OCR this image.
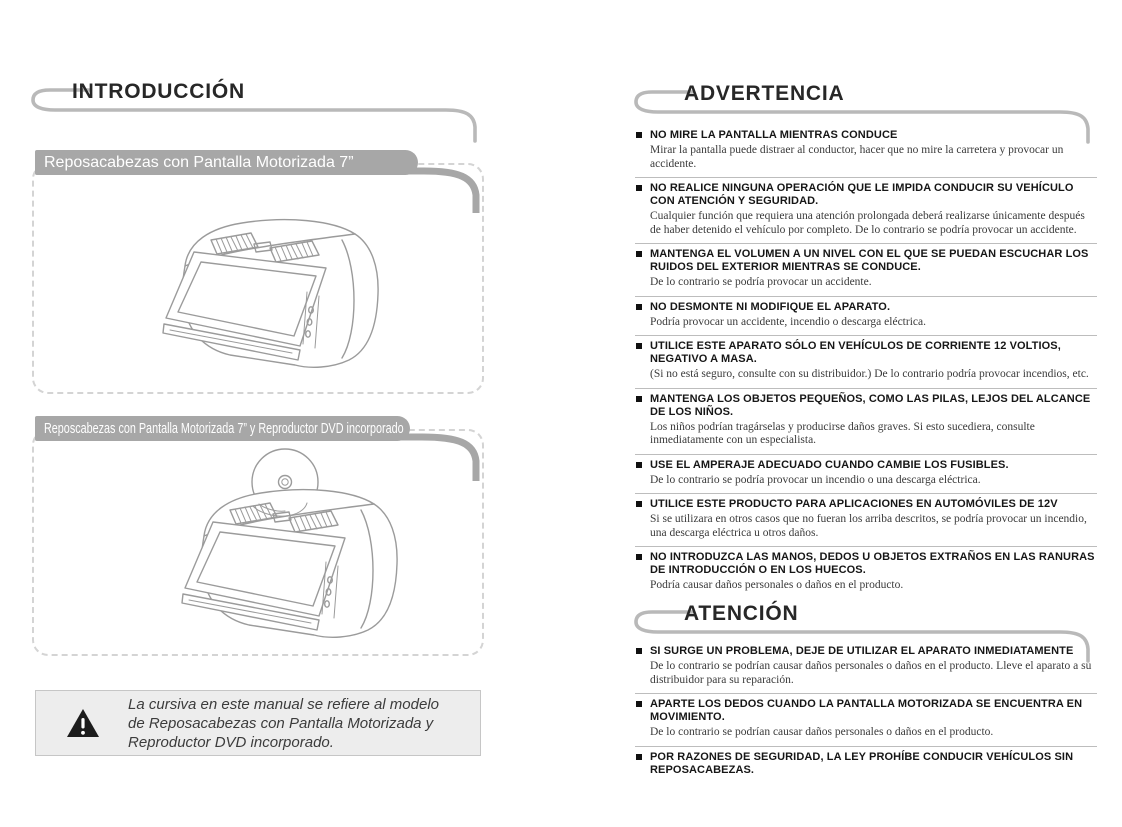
INTRODUCCIÓN
Reposacabezas con Pantalla Motorizada 7”
Reposcabezas con Pantalla Motorizada 7” y Reproductor DVD incorporado
La cursiva en este manual se refiere al modelo de Reposacabezas con Pantalla Motorizada y Reproductor DVD incorporado.
ADVERTENCIA
NO MIRE LA PANTALLA MIENTRAS CONDUCE
Mirar la pantalla puede distraer al conductor, hacer que no mire la carretera y provocar un accidente.
NO REALICE NINGUNA OPERACIÓN QUE LE IMPIDA CONDUCIR SU VEHÍCULO CON ATENCIÓN Y SEGURIDAD.
Cualquier función que requiera una atención prolongada deberá realizarse únicamente después de haber detenido el vehículo por completo. De lo contrario se podría provocar un accidente.
MANTENGA EL VOLUMEN A UN NIVEL CON EL QUE SE PUEDAN ESCUCHAR LOS RUIDOS DEL EXTERIOR MIENTRAS SE CONDUCE.
De lo contrario se podría provocar un accidente.
NO DESMONTE NI MODIFIQUE EL APARATO.
Podría provocar un accidente, incendio o descarga eléctrica.
UTILICE ESTE APARATO SÓLO EN VEHÍCULOS DE CORRIENTE 12 VOLTIOS, NEGATIVO A MASA.
(Si no está seguro, consulte con su distribuidor.) De lo contrario podría provocar incendios, etc.
MANTENGA LOS OBJETOS PEQUEÑOS, COMO LAS PILAS, LEJOS DEL ALCANCE DE LOS NIÑOS.
Los niños podrían tragárselas y producirse daños graves. Si esto sucediera, consulte inmediatamente con un especialista.
USE EL AMPERAJE ADECUADO CUANDO CAMBIE LOS FUSIBLES.
De lo contrario se podría provocar un incendio o una descarga eléctrica.
UTILICE ESTE PRODUCTO PARA APLICACIONES EN AUTOMÓVILES DE 12V
Si se utilizara en otros casos que no fueran los arriba descritos, se podría provocar un incendio, una descarga eléctrica u otros daños.
NO INTRODUZCA LAS MANOS, DEDOS U OBJETOS EXTRAÑOS EN LAS RANURAS DE INTRODUCCIÓN O EN LOS HUECOS.
Podría causar daños personales o daños en el producto.
ATENCIÓN
SI SURGE UN PROBLEMA, DEJE DE UTILIZAR EL APARATO INMEDIATAMENTE
De lo contrario se podrían causar daños personales o daños en el producto. Lleve el aparato a su distribuidor para su reparación.
APARTE LOS DEDOS CUANDO LA PANTALLA MOTORIZADA SE ENCUENTRA EN MOVIMIENTO.
De lo contrario se podrían causar daños personales o daños en el producto.
POR RAZONES DE SEGURIDAD, LA LEY PROHÍBE CONDUCIR VEHÍCULOS SIN REPOSACABEZAS.
